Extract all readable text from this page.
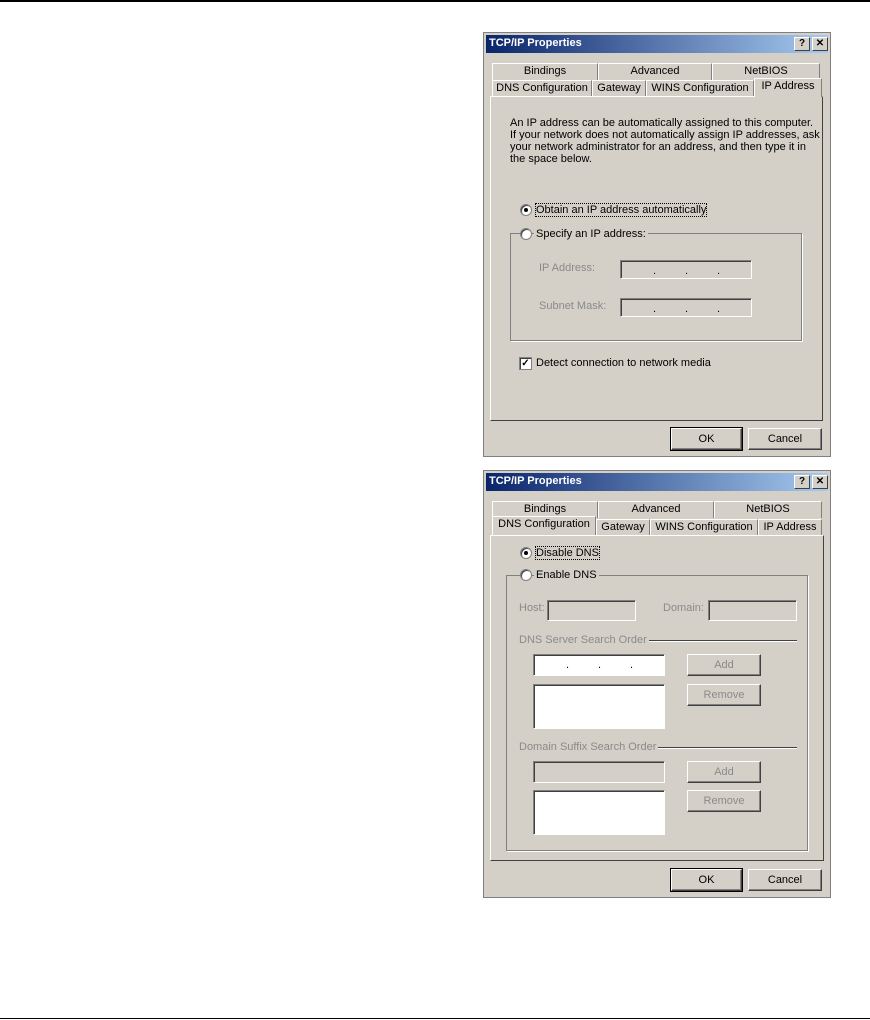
TCP/IP Properties	?	✕
Bindings	Advanced	NetBIOS
DNS Configuration Gateway WINS Configuration	IP Address
An IP address can be automatically assigned to this computer.
If your network does not automatically assign IP addresses, ask
your network administrator for an address, and then type it in
the space below.
Obtain an IP address automatically
IP Address:	.	.	.
Subnet Mask:	.	.	.
Specify an IP address:
✓ Detect connection to network media
OK	Cancel
TCP/IP Properties	?	✕
Bindings	Advanced	NetBIOS
DNS Configuration	Gateway WINS Configuration IP Address
Disable DNS
Host:	Domain:
DNS Server Search Order
.	.	.	Add
Remove
Domain Suffix Search Order
Add
Remove
Enable DNS
OK	Cancel
